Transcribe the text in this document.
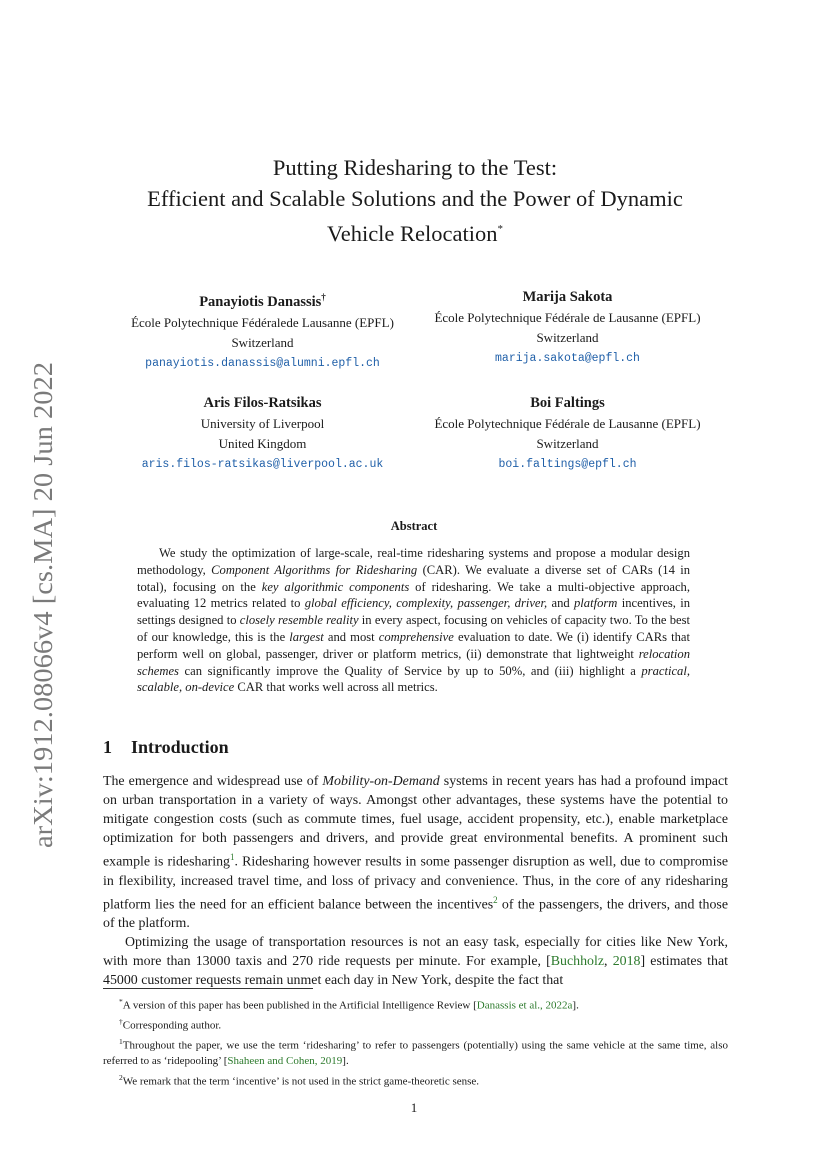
arXiv:1912.08066v4 [cs.MA] 20 Jun 2022
Putting Ridesharing to the Test:
Efficient and Scalable Solutions and the Power of Dynamic
Vehicle Relocation*
Panayiotis Danassis†
École Polytechnique Fédéralede Lausanne (EPFL)
Switzerland
panayiotis.danassis@alumni.epfl.ch
Marija Sakota
École Polytechnique Fédérale de Lausanne (EPFL)
Switzerland
marija.sakota@epfl.ch
Aris Filos-Ratsikas
University of Liverpool
United Kingdom
aris.filos-ratsikas@liverpool.ac.uk
Boi Faltings
École Polytechnique Fédérale de Lausanne (EPFL)
Switzerland
boi.faltings@epfl.ch
Abstract
We study the optimization of large-scale, real-time ridesharing systems and propose a modular design methodology, Component Algorithms for Ridesharing (CAR). We evaluate a diverse set of CARs (14 in total), focusing on the key algorithmic components of ridesharing. We take a multi-objective approach, evaluating 12 metrics related to global efficiency, complexity, passenger, driver, and platform incentives, in settings designed to closely resemble reality in every aspect, focusing on vehicles of capacity two. To the best of our knowledge, this is the largest and most comprehensive evaluation to date. We (i) identify CARs that perform well on global, passenger, driver or platform metrics, (ii) demonstrate that lightweight relocation schemes can significantly improve the Quality of Service by up to 50%, and (iii) highlight a practical, scalable, on-device CAR that works well across all metrics.
1 Introduction

The emergence and widespread use of Mobility-on-Demand systems in recent years has had a profound impact on urban transportation in a variety of ways. Amongst other advantages, these systems have the potential to mitigate congestion costs (such as commute times, fuel usage, accident propensity, etc.), enable marketplace optimization for both passengers and drivers, and provide great environmental benefits. A prominent such example is ridesharing$^1$. Ridesharing however results in some passenger disruption as well, due to compromise in flexibility, increased travel time, and loss of privacy and convenience. Thus, in the core of any ridesharing platform lies the need for an efficient balance between the incentives$^2$ of the passengers, the drivers, and those of the platform.

Optimizing the usage of transportation resources is not an easy task, especially for cities like New York, with more than 13000 taxis and 270 ride requests per minute. For example, [Buchholz, 2018] estimates that 45000 customer requests remain unmet each day in New York, despite the fact that

*A version of this paper has been published in the Artificial Intelligence Review [Danassis et al., 2022a].

†Corresponding author.

$^1$Throughout the paper, we use the term ‘ridesharing’ to refer to passengers (potentially) using the same vehicle at the same time, also referred to as ‘ridepooling’ [Shaheen and Cohen, 2019].

$^2$We remark that the term ‘incentive’ is not used in the strict game-theoretic sense.

1
